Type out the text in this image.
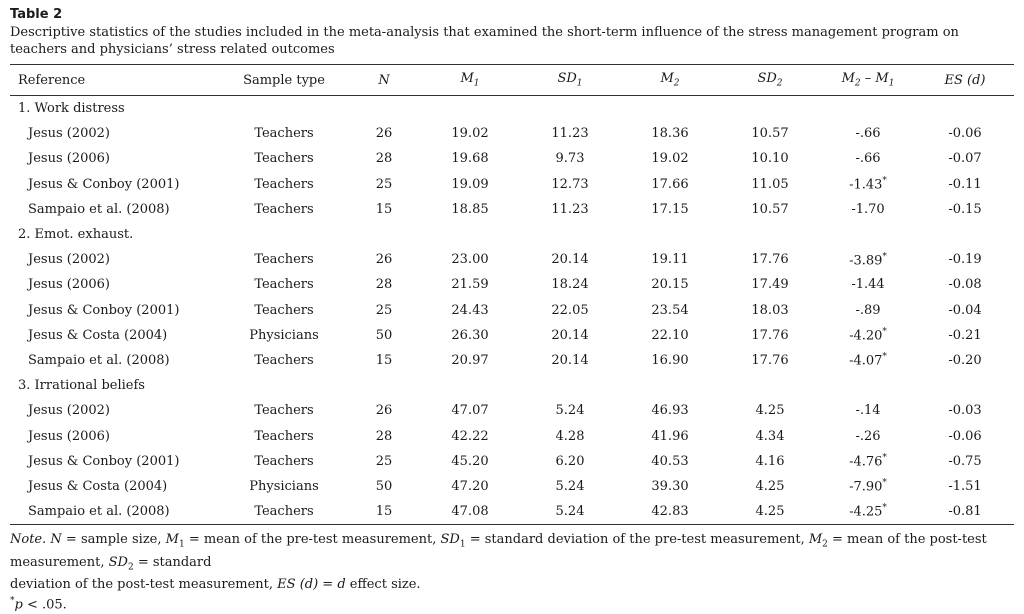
Table 2
Descriptive statistics of the studies included in the meta-analysis that examined the short-term influence of the stress management program on teachers and physicians’ stress related outcomes
Reference	Sample type	N	$M_1$	$SD_1$	$M_2$	$SD_2$	$M_2 - M_1$	ES (d)
1. Work distress								
Jesus (2002)	Teachers	26	19.02	11.23	18.36	10.57	-.66	-0.06
Jesus (2006)	Teachers	28	19.68	9.73	19.02	10.10	-.66	-0.07
Jesus & Conboy (2001)	Teachers	25	19.09	12.73	17.66	11.05	-1.43*	-0.11
Sampaio et al. (2008)	Teachers	15	18.85	11.23	17.15	10.57	-1.70	-0.15
2. Emot. exhaust.								
Jesus (2002)	Teachers	26	23.00	20.14	19.11	17.76	-3.89*	-0.19
Jesus (2006)	Teachers	28	21.59	18.24	20.15	17.49	-1.44	-0.08
Jesus & Conboy (2001)	Teachers	25	24.43	22.05	23.54	18.03	-.89	-0.04
Jesus & Costa (2004)	Physicians	50	26.30	20.14	22.10	17.76	-4.20*	-0.21
Sampaio et al. (2008)	Teachers	15	20.97	20.14	16.90	17.76	-4.07*	-0.20
3. Irrational beliefs								
Jesus (2002)	Teachers	26	47.07	5.24	46.93	4.25	-.14	-0.03
Jesus (2006)	Teachers	28	42.22	4.28	41.96	4.34	-.26	-0.06
Jesus & Conboy (2001)	Teachers	25	45.20	6.20	40.53	4.16	-4.76*	-0.75
Jesus & Costa (2004)	Physicians	50	47.20	5.24	39.30	4.25	-7.90*	-1.51
Sampaio et al. (2008)	Teachers	15	47.08	5.24	42.83	4.25	-4.25*	-0.81
Note. N = sample size, $M_1$ = mean of the pre-test measurement, $SD_1$ = standard deviation of the pre-test measurement, $M_2$ = mean of the post-test measurement, $SD_2$ = standard
deviation of the post-test measurement, ES (d) = d effect size.
*p < .05.
